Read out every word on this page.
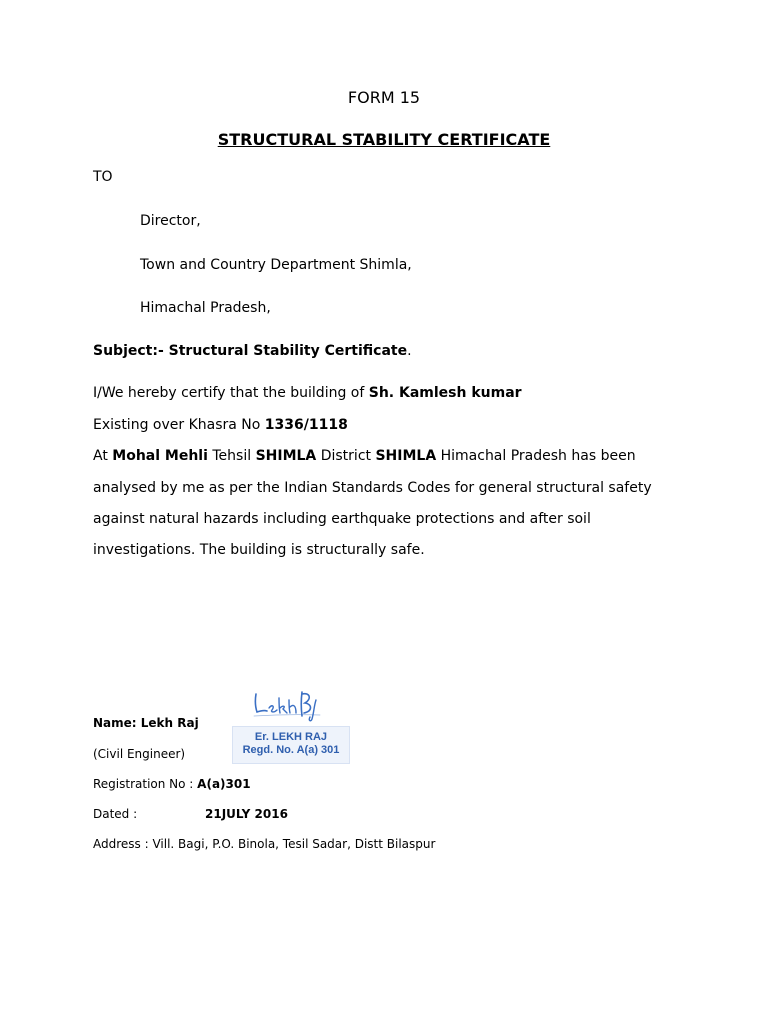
FORM 15
STRUCTURAL STABILITY CERTIFICATE
TO
Director,
Town and Country Department Shimla,
Himachal Pradesh,
Subject:- Structural Stability Certificate.
I/We hereby certify that the building of Sh. Kamlesh kumar
Existing over Khasra No 1336/1118
At Mohal Mehli Tehsil SHIMLA District SHIMLA Himachal Pradesh has been
analysed by me as per the Indian Standards Codes for general structural safety
against natural hazards including earthquake protections and after soil
investigations. The building is structurally safe.
Name: Lekh Raj
(Civil Engineer)
Registration No : A(a)301
Dated :	21JULY 2016
Address : Vill. Bagi, P.O. Binola, Tesil Sadar, Distt Bilaspur
Er. LEKH RAJ
Regd. No. A(a) 301
